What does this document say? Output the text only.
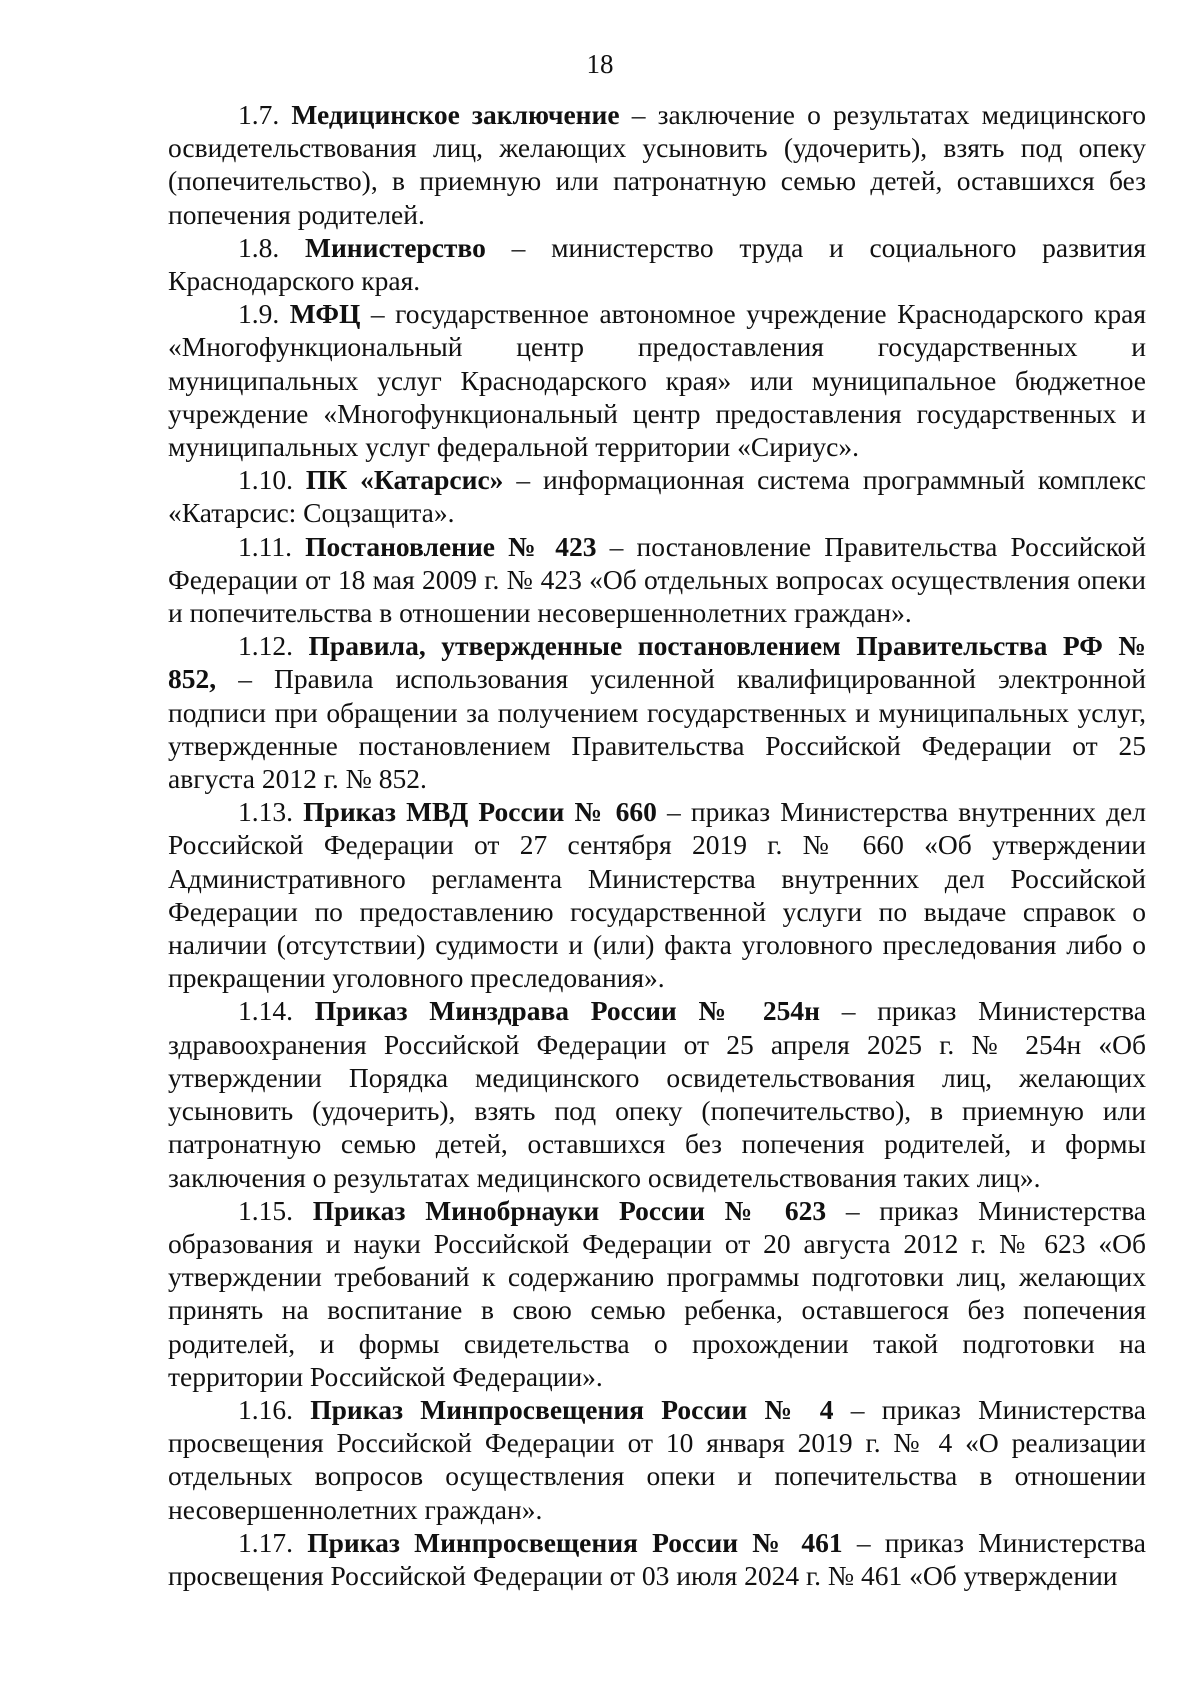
18

1.7. Медицинское заключение – заключение о результатах медицинского освидетельствования лиц, желающих усыновить (удочерить), взять под опеку (попечительство), в приемную или патронатную семью детей, оставшихся без попечения родителей.

1.8. Министерство – министерство труда и социального развития Краснодарского края.

1.9. МФЦ – государственное автономное учреждение Краснодарского края «Многофункциональный центр предоставления государственных и муниципальных услуг Краснодарского края» или муниципальное бюджетное учреждение «Многофункциональный центр предоставления государственных и муниципальных услуг федеральной территории «Сириус».

1.10. ПК «Катарсис» – информационная система программный комплекс «Катарсис: Соцзащита».

1.11. Постановление № 423 – постановление Правительства Российской Федерации от 18 мая 2009 г. № 423 «Об отдельных вопросах осуществления опеки и попечительства в отношении несовершеннолетних граждан».

1.12. Правила, утвержденные постановлением Правительства РФ № 852, – Правила использования усиленной квалифицированной электронной подписи при обращении за получением государственных и муниципальных услуг, утвержденные постановлением Правительства Российской Федерации от 25 августа 2012 г. № 852.

1.13. Приказ МВД России № 660 – приказ Министерства внутренних дел Российской Федерации от 27 сентября 2019 г. № 660 «Об утверждении Административного регламента Министерства внутренних дел Российской Федерации по предоставлению государственной услуги по выдаче справок о наличии (отсутствии) судимости и (или) факта уголовного преследования либо о прекращении уголовного преследования».

1.14. Приказ Минздрава России № 254н – приказ Министерства здравоохранения Российской Федерации от 25 апреля 2025 г. № 254н «Об утверждении Порядка медицинского освидетельствования лиц, желающих усыновить (удочерить), взять под опеку (попечительство), в приемную или патронатную семью детей, оставшихся без попечения родителей, и формы заключения о результатах медицинского освидетельствования таких лиц».

1.15. Приказ Минобрнауки России № 623 – приказ Министерства образования и науки Российской Федерации от 20 августа 2012 г. № 623 «Об утверждении требований к содержанию программы подготовки лиц, желающих принять на воспитание в свою семью ребенка, оставшегося без попечения родителей, и формы свидетельства о прохождении такой подготовки на территории Российской Федерации».

1.16. Приказ Минпросвещения России № 4 – приказ Министерства просвещения Российской Федерации от 10 января 2019 г. № 4 «О реализации отдельных вопросов осуществления опеки и попечительства в отношении несовершеннолетних граждан».

1.17. Приказ Минпросвещения России № 461 – приказ Министерства просвещения Российской Федерации от 03 июля 2024 г. № 461 «Об утверждении
